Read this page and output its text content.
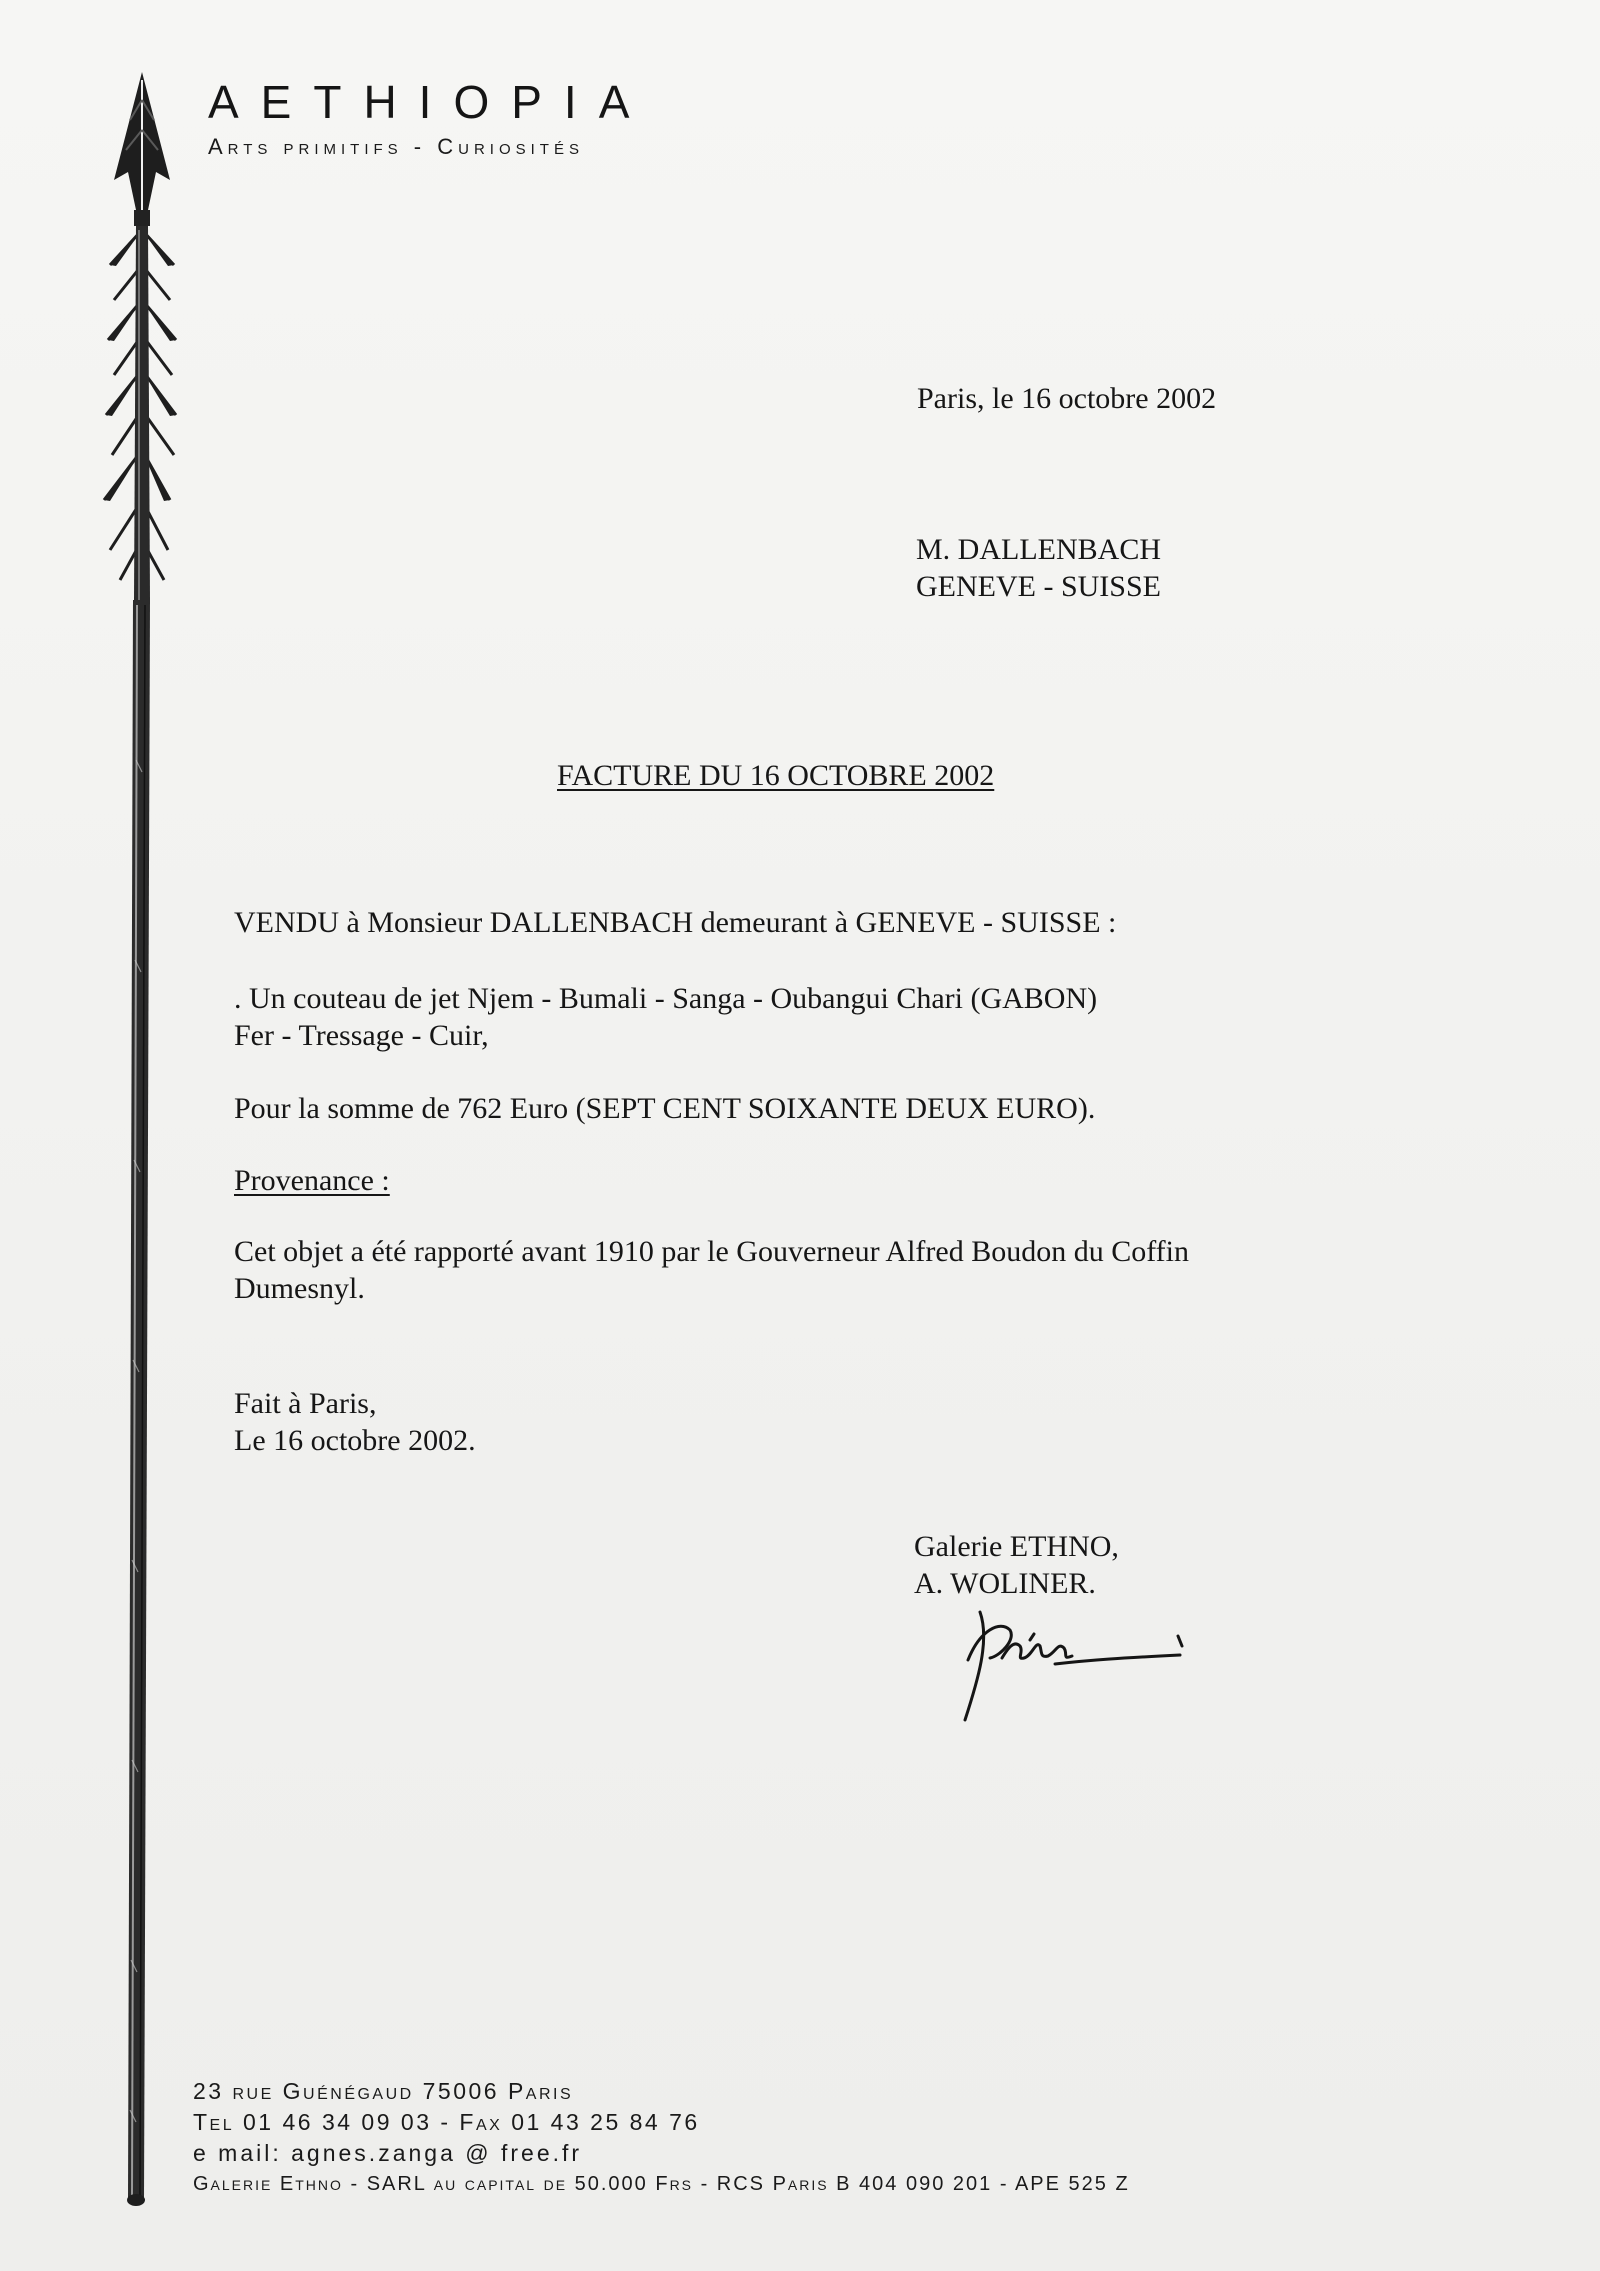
AETHIOPIA
Arts primitifs - Curiosités
Paris, le 16 octobre 2002
M. DALLENBACH
GENEVE - SUISSE
FACTURE DU 16 OCTOBRE 2002
VENDU à Monsieur DALLENBACH demeurant à GENEVE - SUISSE :
. Un couteau de jet Njem - Bumali - Sanga - Oubangui Chari (GABON)
Fer - Tressage - Cuir,
Pour la somme de 762 Euro (SEPT CENT SOIXANTE DEUX EURO).
Provenance :
Cet objet a été rapporté avant 1910 par le Gouverneur Alfred Boudon du Coffin
Dumesnyl.
Fait à Paris,
Le 16 octobre 2002.
Galerie ETHNO,
A. WOLINER.
23 rue Guénégaud 75006 Paris
Tel 01 46 34 09 03 - Fax 01 43 25 84 76
e mail: agnes.zanga @ free.fr
Galerie Ethno - SARL au capital de 50.000 Frs - RCS Paris B 404 090 201 - APE 525 Z
